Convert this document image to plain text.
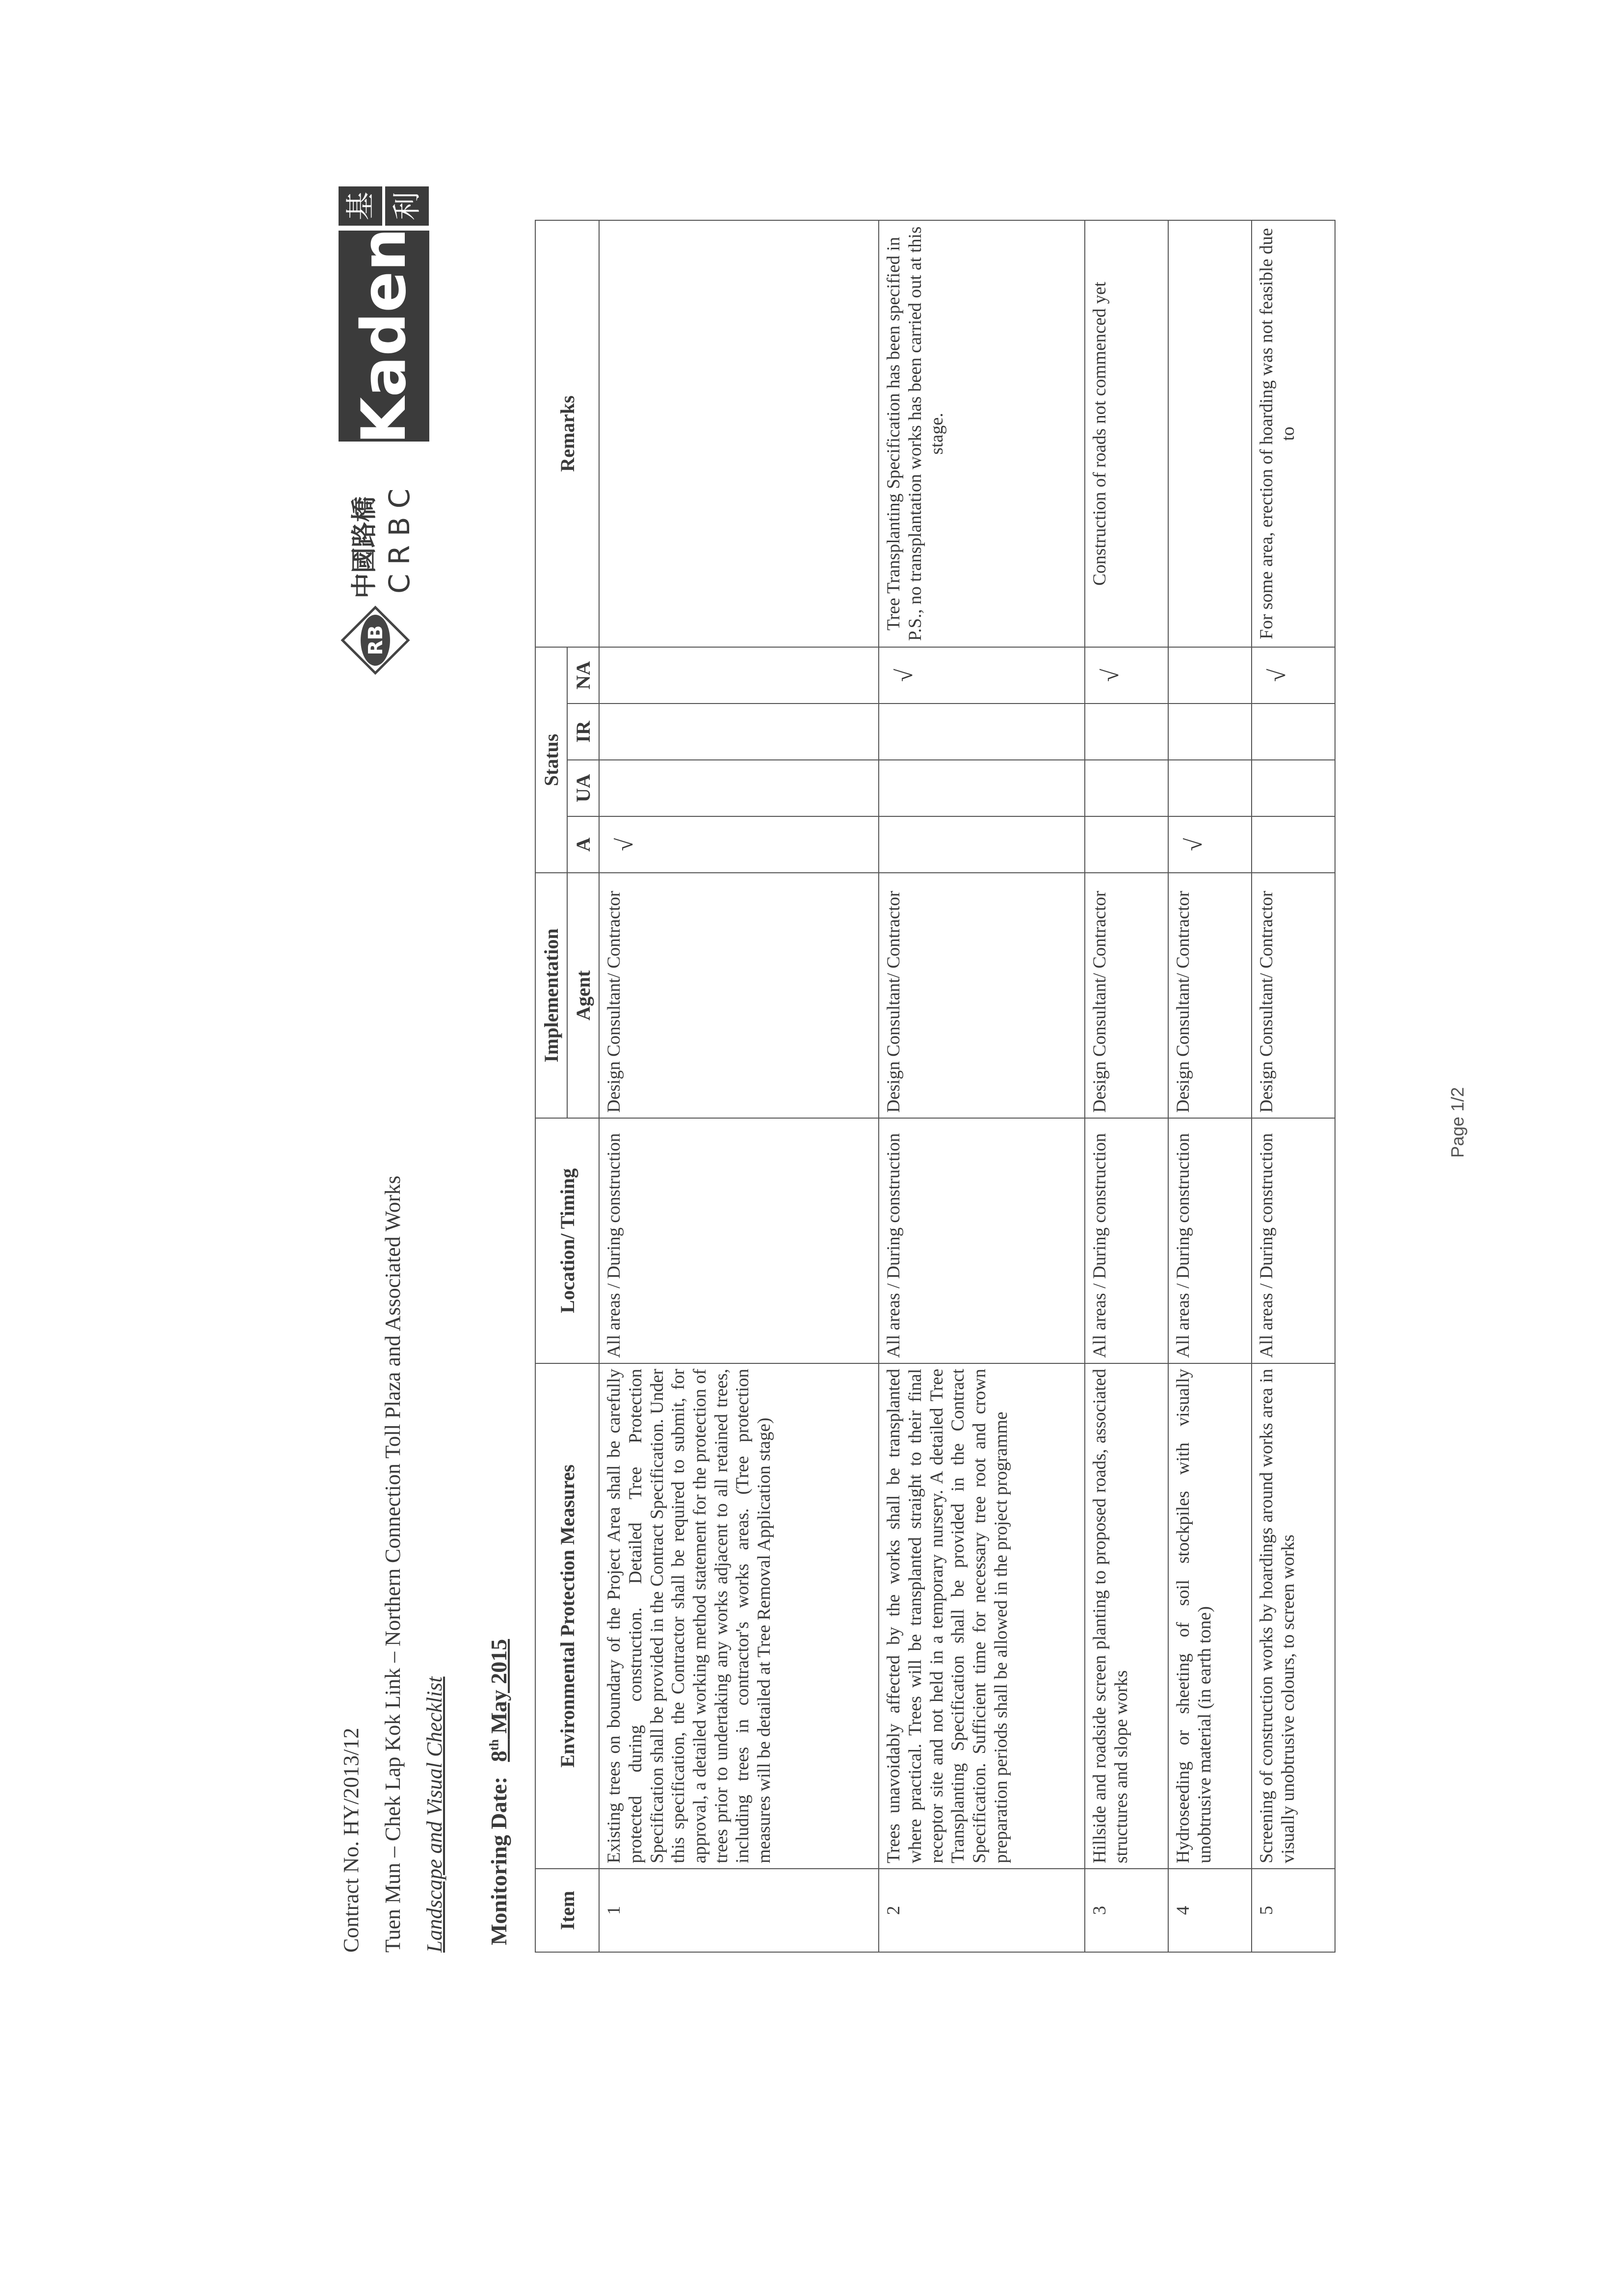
Contract No. HY/2013/12 Tuen Mun – Chek Lap Kok Link – Northern Connection Toll Plaza and Associated Works Landscape and Visual Checklist Monitoring Date:8th May 2015
RB
中國路橋 CRBC
Kaden
基 利
Item	Environmental Protection Measures	Location/ Timing	Implementation	Status				Remarks
			Agent	A	UA	IR	NA	
1	Existing trees on boundary of the Project Area shall be carefully protected during construction. Detailed Tree Protection Specification shall be provided in the Contract Specification. Under this specification, the Contractor shall be required to submit, for approval, a detailed working method statement for the protection of trees prior to undertaking any works adjacent to all retained trees, including trees in contractor's works areas. (Tree protection measures will be detailed at Tree Removal Application stage)	All areas / During construction	Design Consultant/ Contractor	√				
2	Trees unavoidably affected by the works shall be transplanted where practical. Trees will be transplanted straight to their final receptor site and not held in a temporary nursery. A detailed Tree Transplanting Specification shall be provided in the Contract Specification. Sufficient time for necessary tree root and crown preparation periods shall be allowed in the project programme	All areas / During construction	Design Consultant/ Contractor				√	Tree Transplanting Specification has been specified in P.S., no transplantation works has been carried out at this stage.
3	Hillside and roadside screen planting to proposed roads, associated structures and slope works	All areas / During construction	Design Consultant/ Contractor				√	Construction of roads not commenced yet
4	Hydroseeding or sheeting of soil stockpiles with visually unobtrusive material (in earth tone)	All areas / During construction	Design Consultant/ Contractor	√				
5	Screening of construction works by hoardings around works area in visually unobtrusive colours, to screen works	All areas / During construction	Design Consultant/ Contractor				√	For some area, erection of hoarding was not feasible due to
Page 1/2
